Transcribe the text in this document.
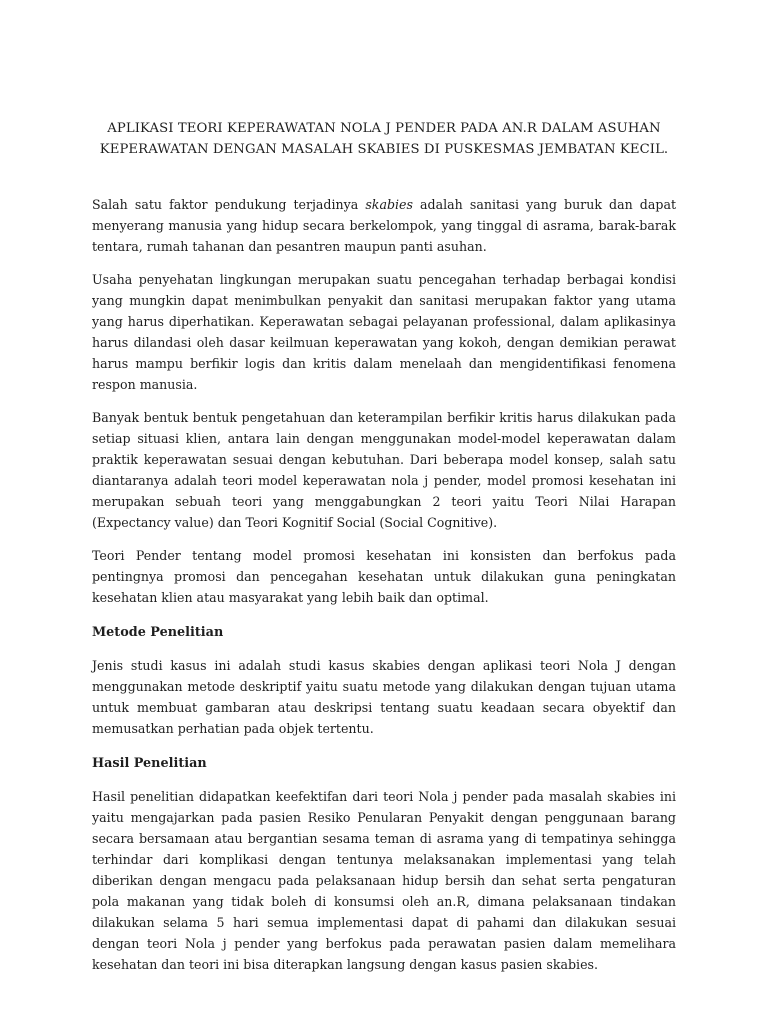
APLIKASI TEORI KEPERAWATAN NOLA J PENDER PADA AN.R DALAM ASUHAN KEPERAWATAN DENGAN MASALAH SKABIES DI PUSKESMAS JEMBATAN KECIL.

Salah satu faktor pendukung terjadinya skabies adalah sanitasi yang buruk dan dapat menyerang manusia yang hidup secara berkelompok, yang tinggal di asrama, barak-barak tentara, rumah tahanan dan pesantren maupun panti asuhan.

Usaha penyehatan lingkungan merupakan suatu pencegahan terhadap berbagai kondisi yang mungkin dapat menimbulkan penyakit dan sanitasi merupakan faktor yang utama yang harus diperhatikan. Keperawatan sebagai pelayanan professional, dalam aplikasinya harus dilandasi oleh dasar keilmuan keperawatan yang kokoh, dengan demikian perawat harus mampu berfikir logis dan kritis dalam menelaah dan mengidentifikasi fenomena respon manusia.

Banyak bentuk bentuk pengetahuan dan keterampilan berfikir kritis harus dilakukan pada setiap situasi klien, antara lain dengan menggunakan model-model keperawatan dalam praktik keperawatan sesuai dengan kebutuhan. Dari beberapa model konsep, salah satu diantaranya adalah teori model keperawatan nola j pender, model promosi kesehatan ini merupakan sebuah teori yang menggabungkan 2 teori yaitu Teori Nilai Harapan (Expectancy value) dan Teori Kognitif Social (Social Cognitive).

Teori Pender tentang model promosi kesehatan ini konsisten dan berfokus pada pentingnya promosi dan pencegahan kesehatan untuk dilakukan guna peningkatan kesehatan klien atau masyarakat yang lebih baik dan optimal.

Metode Penelitian

Jenis studi kasus ini adalah studi kasus skabies dengan aplikasi teori Nola J dengan menggunakan metode deskriptif yaitu suatu metode yang dilakukan dengan tujuan utama untuk membuat gambaran atau deskripsi tentang suatu keadaan secara obyektif dan memusatkan perhatian pada objek tertentu.

Hasil Penelitian

Hasil penelitian didapatkan keefektifan dari teori Nola j pender pada masalah skabies ini yaitu mengajarkan pada pasien Resiko Penularan Penyakit dengan penggunaan barang secara bersamaan atau bergantian sesama teman di asrama yang di tempatinya sehingga terhindar dari komplikasi dengan tentunya melaksanakan implementasi yang telah diberikan dengan mengacu pada pelaksanaan hidup bersih dan sehat serta pengaturan pola makanan yang tidak boleh di konsumsi oleh an.R, dimana pelaksanaan tindakan dilakukan selama 5 hari semua implementasi dapat di pahami dan dilakukan sesuai dengan teori Nola j pender yang berfokus pada perawatan pasien dalam memelihara kesehatan dan teori ini bisa diterapkan langsung dengan kasus pasien skabies.
